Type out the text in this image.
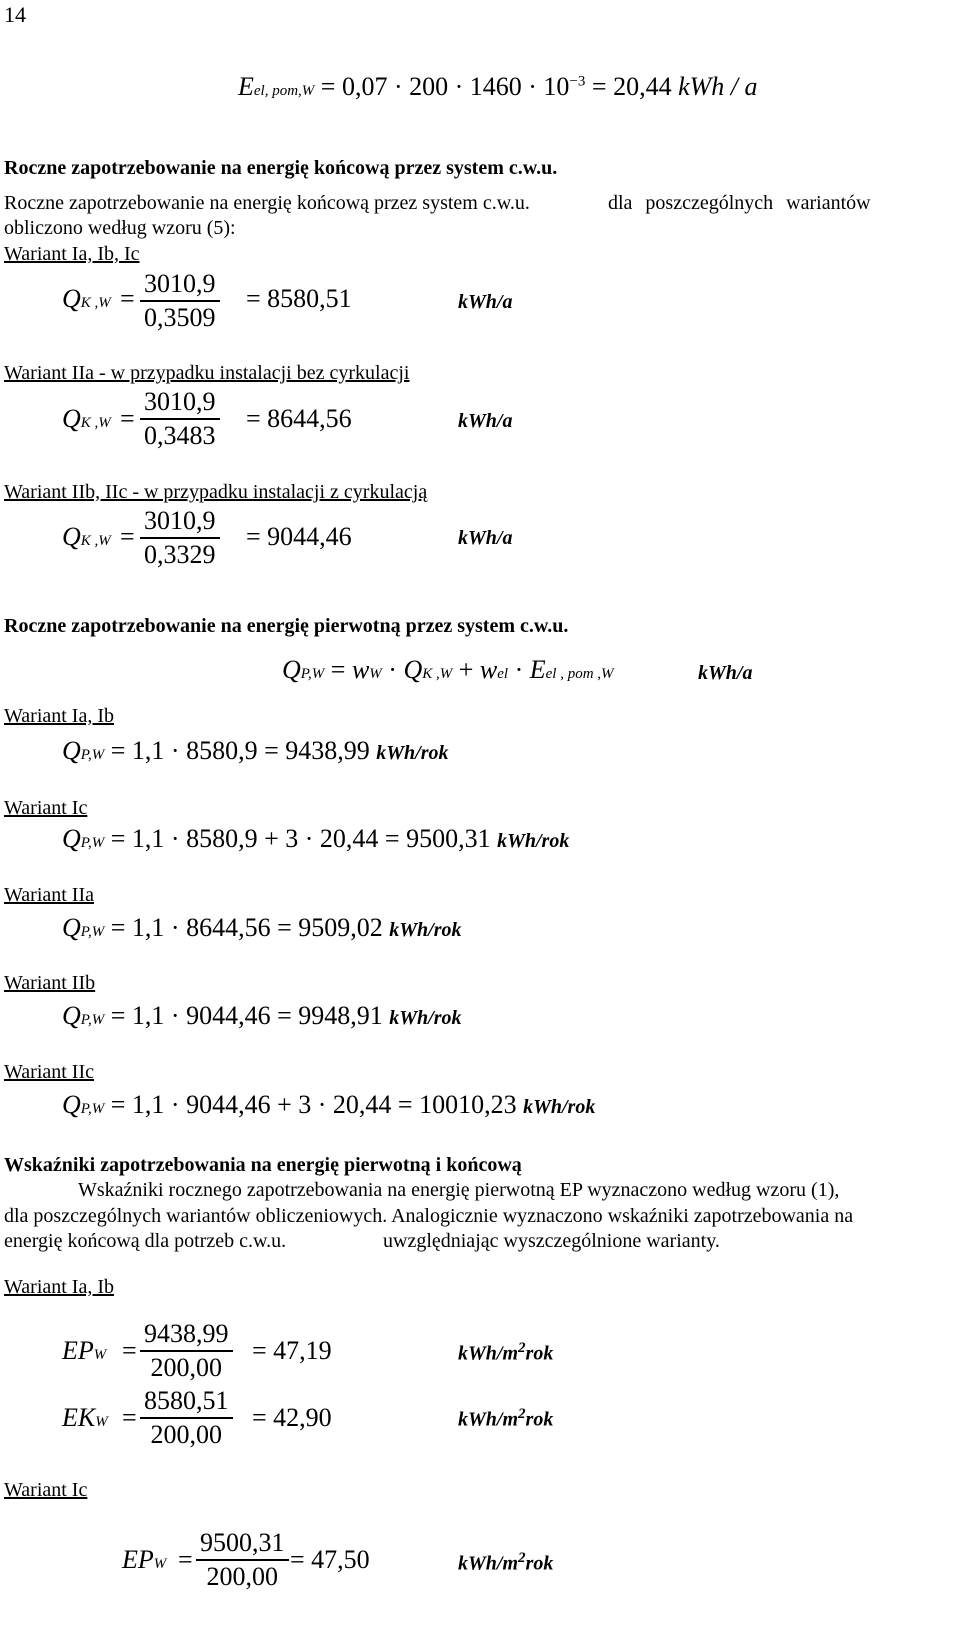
14
Eel, $pom,W = 0,07 \cdot 200 \cdot 1460 \cdot 10^{-3} = 20,44$ kWh / a
Roczne zapotrzebowanie na energię końcową przez system c.w.u.
Roczne zapotrzebowanie na energię końcową przez system c.w.u.	dla poszczególnych wariantów
obliczono według wzoru (5):
Wariant Ia, Ib, Ic
QK $,W = \frac{3010,9}{0,3509} = 8580,51$	kWh/a
Wariant IIa - w przypadku instalacji bez cyrkulacji
QK $,W = \frac{3010,9}{0,3483} = 8644,56$	kWh/a
Wariant IIb, IIc - w przypadku instalacji z cyrkulacją
QK $,W = \frac{3010,9}{0,3329} = 9044,46$	kWh/a
Roczne zapotrzebowanie na energię pierwotną przez system c.w.u.
QP,W = wW · QK ,W + wel · Eel , pom ,W	kWh/a
Wariant Ia, Ib
QP,W = 1,1 · 8580,9 = 9438,99 kWh/rok
Wariant Ic
QP,W = 1,1 · 8580,9 + 3 · 20,44 = 9500,31 kWh/rok
Wariant IIa
QP,W = 1,1 · 8644,56 = 9509,02 kWh/rok
Wariant IIb
QP,W = 1,1 · 9044,46 = 9948,91 kWh/rok
Wariant IIc
QP,W = 1,1 · 9044,46 + 3 · 20,44 = 10010,23 kWh/rok
Wskaźniki zapotrzebowania na energię pierwotną i końcową
Wskaźniki rocznego zapotrzebowania na energię pierwotną EP wyznaczono według wzoru (1),
dla poszczególnych wariantów obliczeniowych. Analogicznie wyznaczono wskaźniki zapotrzebowania na
energię końcową dla potrzeb c.w.u.	uwzględniając wyszczególnione warianty.
Wariant Ia, Ib
EPW = $\frac{9438,99}{200,00} = 47,19$	kWh/$m^2rok$
EKW = $\frac{8580,51}{200,00} = 42,90$	kWh/$m^2rok$
Wariant Ic
EPW = $\frac{9500,31}{200,00} = 47,50$	kWh/$m^2rok$
